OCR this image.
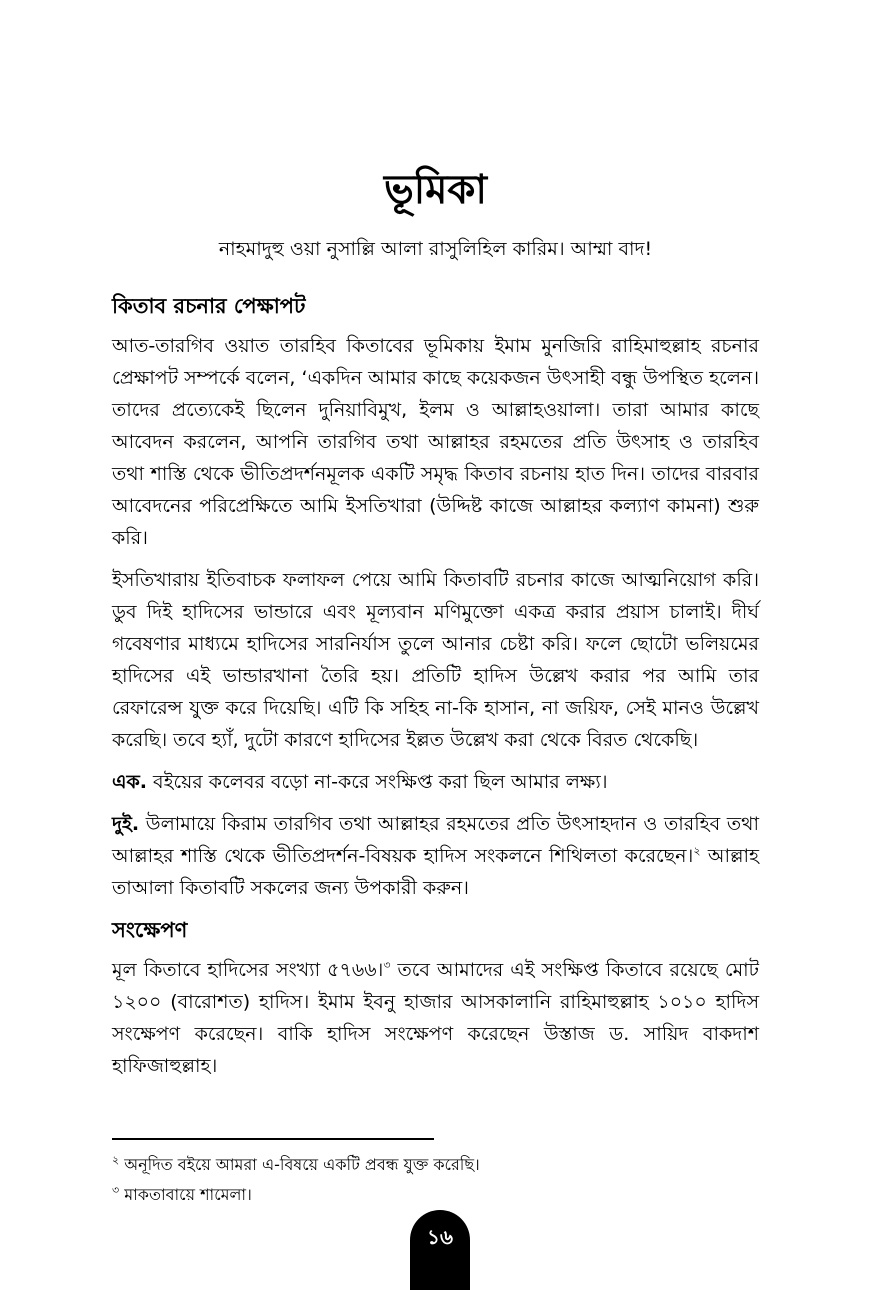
ভূমিকা
নাহমাদুহু ওয়া নুসাল্লি আলা রাসুলিহিল কারিম। আম্মা বাদ!
কিতাব রচনার পেক্ষাপট

আত-তারগিব ওয়াত তারহিব কিতাবের ভূমিকায় ইমাম মুনজিরি রাহিমাহুল্লাহ রচনার প্রেক্ষাপট সম্পর্কে বলেন, ‘একদিন আমার কাছে কয়েকজন উৎসাহী বন্ধু উপস্থিত হলেন। তাদের প্রত্যেকেই ছিলেন দুনিয়াবিমুখ, ইলম ও আল্লাহওয়ালা। তারা আমার কাছে আবেদন করলেন, আপনি তারগিব তথা আল্লাহর রহমতের প্রতি উৎসাহ ও তারহিব তথা শাস্তি থেকে ভীতিপ্রদর্শনমূলক একটি সমৃদ্ধ কিতাব রচনায় হাত দিন। তাদের বারবার আবেদনের পরিপ্রেক্ষিতে আমি ইসতিখারা (উদ্দিষ্ট কাজে আল্লাহর কল্যাণ কামনা) শুরু করি।

ইসতিখারায় ইতিবাচক ফলাফল পেয়ে আমি কিতাবটি রচনার কাজে আত্মনিয়োগ করি। ডুব দিই হাদিসের ভান্ডারে এবং মূল্যবান মণিমুক্তো একত্র করার প্রয়াস চালাই। দীর্ঘ গবেষণার মাধ্যমে হাদিসের সারনির্যাস তুলে আনার চেষ্টা করি। ফলে ছোটো ভলিয়মের হাদিসের এই ভান্ডারখানা তৈরি হয়। প্রতিটি হাদিস উল্লেখ করার পর আমি তার রেফারেন্স যুক্ত করে দিয়েছি। এটি কি সহিহ না-কি হাসান, না জয়িফ, সেই মানও উল্লেখ করেছি। তবে হ্যাঁ, দুটো কারণে হাদিসের ইল্লত উল্লেখ করা থেকে বিরত থেকেছি।

এক. বইয়ের কলেবর বড়ো না-করে সংক্ষিপ্ত করা ছিল আমার লক্ষ্য।

দুই. উলামায়ে কিরাম তারগিব তথা আল্লাহর রহমতের প্রতি উৎসাহদান ও তারহিব তথা আল্লাহর শাস্তি থেকে ভীতিপ্রদর্শন-বিষয়ক হাদিস সংকলনে শিথিলতা করেছেন।$^২$ আল্লাহ তাআলা কিতাবটি সকলের জন্য উপকারী করুন।

সংক্ষেপণ

মূল কিতাবে হাদিসের সংখ্যা ৫৭৬৬।$^৩$ তবে আমাদের এই সংক্ষিপ্ত কিতাবে রয়েছে মোট ১২০০ (বারোশত) হাদিস। ইমাম ইবনু হাজার আসকালানি রাহিমাহুল্লাহ ১০১০ হাদিস সংক্ষেপণ করেছেন। বাকি হাদিস সংক্ষেপণ করেছেন উস্তাজ ড. সায়িদ বাকদাশ হাফিজাহুল্লাহ।

$^২$ অনূদিত বইয়ে আমরা এ-বিষয়ে একটি প্রবন্ধ যুক্ত করেছি।
$^৩$ মাকতাবায়ে শামেলা।
১৬
